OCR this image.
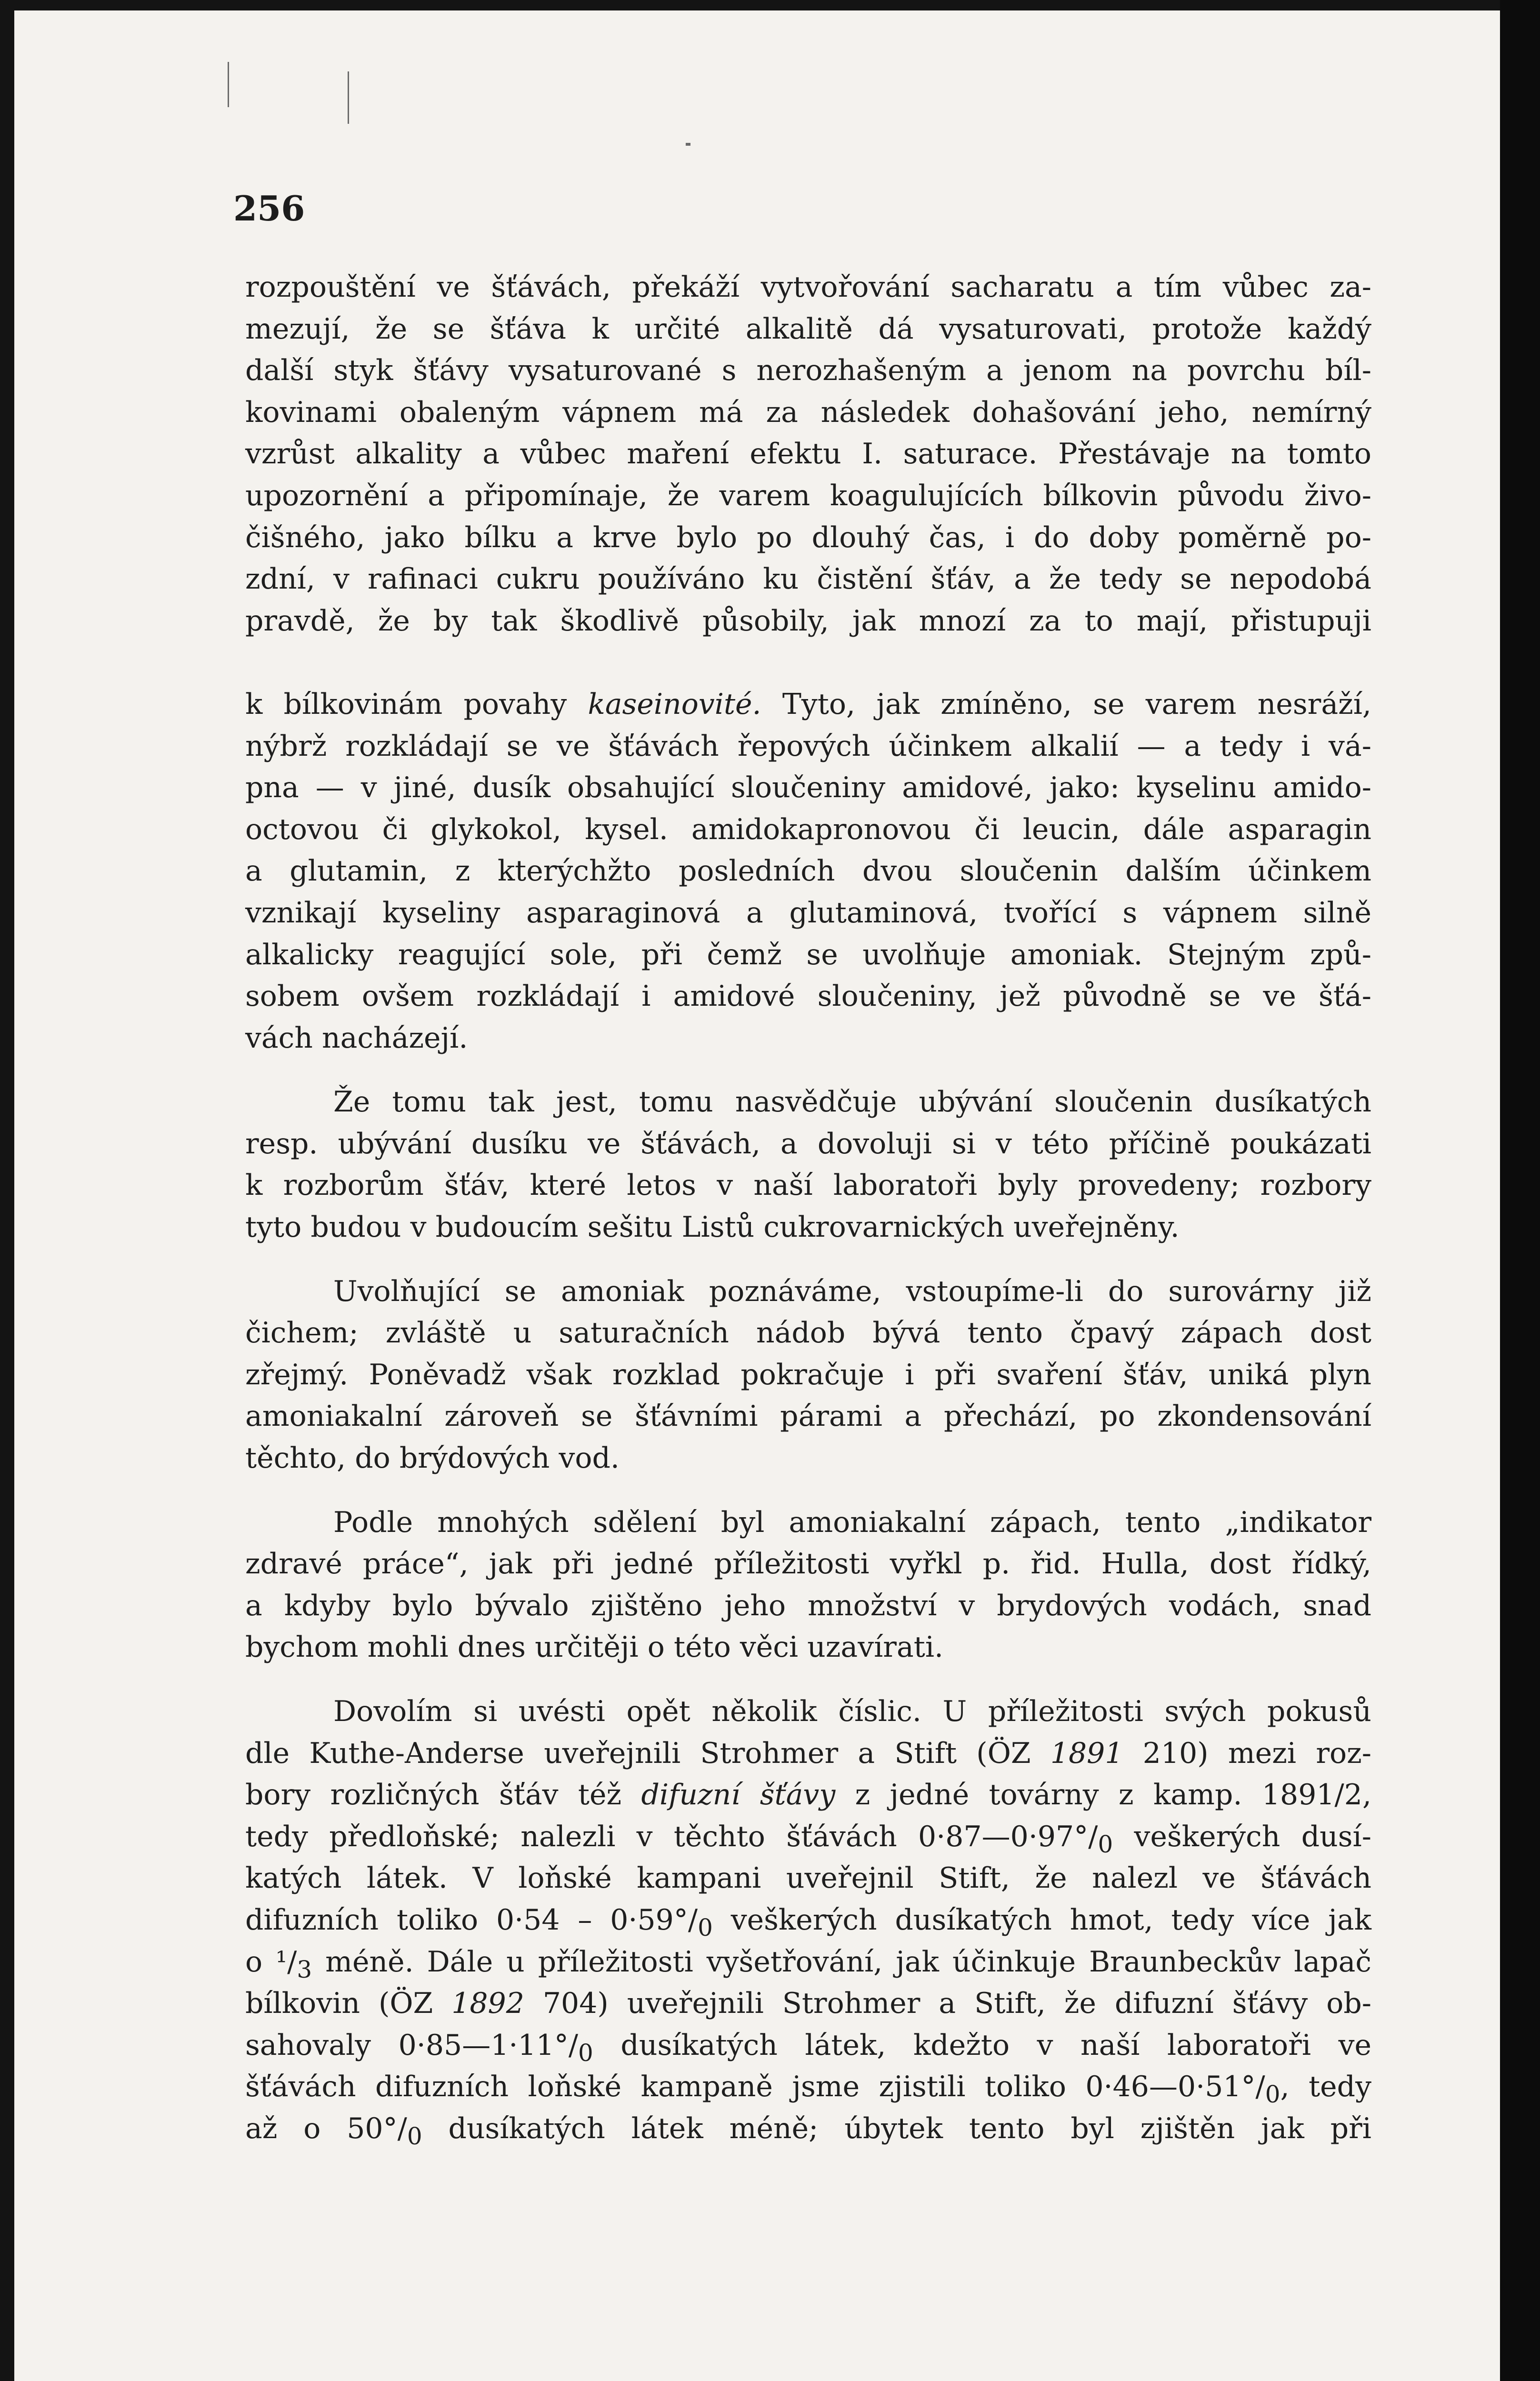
256
rozpouštění ve šťávách, překáží vytvořování sacharatu a tím vůbec za-
mezují, že se šťáva k určité alkalitě dá vysaturovati, protože každý
další styk šťávy vysaturované s nerozhašeným a jenom na povrchu bíl-
kovinami obaleným vápnem má za následek dohašování jeho, nemírný
vzrůst alkality a vůbec maření efektu I. saturace. Přestávaje na tomto
upozornění a připomínaje, že varem koagulujících bílkovin původu živo-
čišného, jako bílku a krve bylo po dlouhý čas, i do doby poměrně po-
zdní, v rafinaci cukru používáno ku čistění šťáv, a že tedy se nepodobá
pravdě, že by tak škodlivě působily, jak mnozí za to mají, přistupuji
k bílkovinám povahy kaseinovité. Tyto, jak zmíněno, se varem nesráží,
nýbrž rozkládají se ve šťávách řepových účinkem alkalií — a tedy i vá-
pna — v jiné, dusík obsahující sloučeniny amidové, jako: kyselinu amido-
octovou či glykokol, kysel. amidokapronovou či leucin, dále asparagin
a glutamin, z kterýchžto posledních dvou sloučenin dalším účinkem
vznikají kyseliny asparaginová a glutaminová, tvořící s vápnem silně
alkalicky reagující sole, při čemž se uvolňuje amoniak. Stejným způ-
sobem ovšem rozkládají i amidové sloučeniny, jež původně se ve šťá-
vách nacházejí.
Že tomu tak jest, tomu nasvědčuje ubývání sloučenin dusíkatých
resp. ubývání dusíku ve šťávách, a dovoluji si v této příčině poukázati
k rozborům šťáv, které letos v naší laboratoři byly provedeny; rozbory
tyto budou v budoucím sešitu Listů cukrovarnických uveřejněny.
Uvolňující se amoniak poznáváme, vstoupíme-li do surovárny již
čichem; zvláště u saturačních nádob bývá tento čpavý zápach dost
zřejmý. Poněvadž však rozklad pokračuje i při svaření šťáv, uniká plyn
amoniakalní zároveň se šťávními párami a přechází, po zkondensování
těchto, do brýdových vod.
Podle mnohých sdělení byl amoniakalní zápach, tento „indikator
zdravé práce“, jak při jedné příležitosti vyřkl p. řid. Hulla, dost řídký,
a kdyby bylo bývalo zjištěno jeho množství v brydových vodách, snad
bychom mohli dnes určitěji o této věci uzavírati.
Dovolím si uvésti opět několik číslic. U příležitosti svých pokusů
dle Kuthe-Anderse uveřejnili Strohmer a Stift (ÖZ 1891 210) mezi roz-
bory rozličných šťáv též difuzní šťávy z jedné továrny z kamp. 1891/2,
tedy předloňské; nalezli v těchto šťávách $0\cdot 87—0\cdot 97^\circ/_0$ veškerých dusí-
katých látek. V loňské kampani uveřejnil Stift, že nalezl ve šťávách
difuzních toliko $0\cdot 54 - 0\cdot 59^\circ/_0$ veškerých dusíkatých hmot, tedy více jak
o $^1/_3$ méně. Dále u příležitosti vyšetřování, jak účinkuje Braunbeckův lapač
bílkovin (ÖZ 1892 704) uveřejnili Strohmer a Stift, že difuzní šťávy ob-
sahovaly $0\cdot 85—1\cdot 11^\circ/_0$ dusíkatých látek, kdežto v naší laboratoři ve
šťávách difuzních loňské kampaně jsme zjistili toliko $0\cdot 46—0\cdot 51^\circ/_0$, tedy
až o $50^\circ/_0$ dusíkatých látek méně; úbytek tento byl zjištěn jak při
